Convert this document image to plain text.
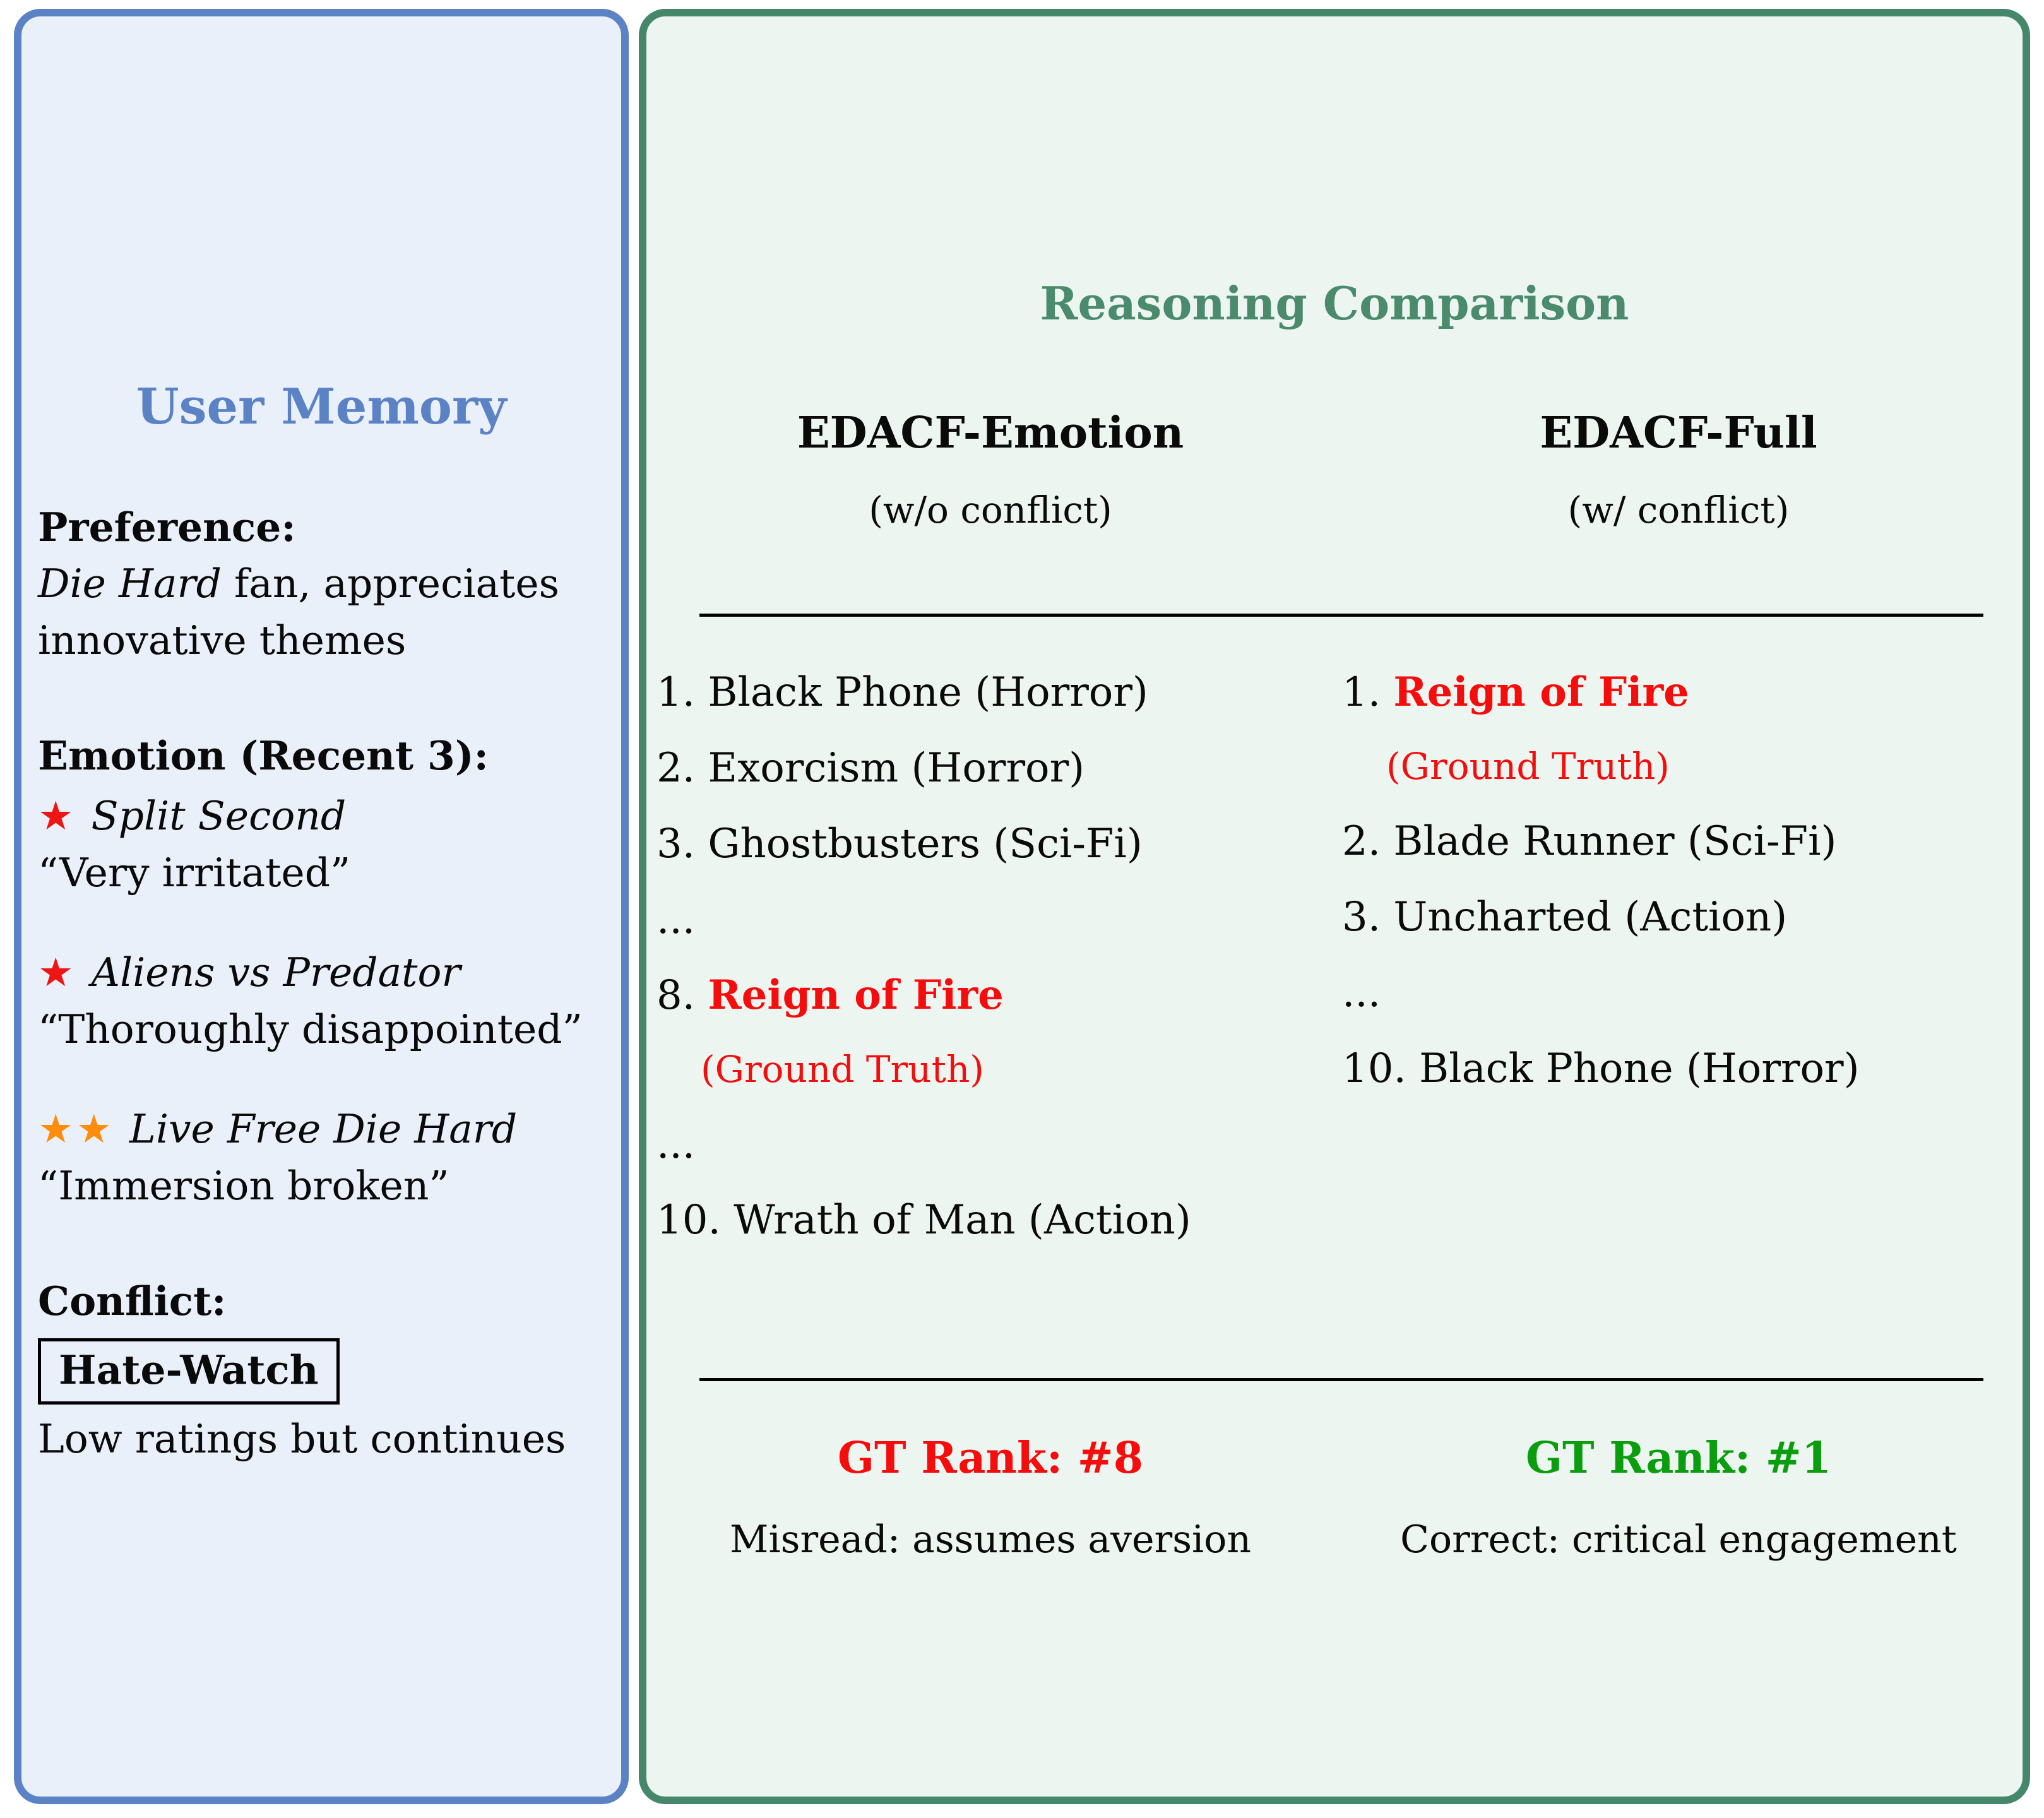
User Memory
Preference:
Die Hard fan, appreciates
innovative themes
Emotion (Recent 3):
★ Split Second
“Very irritated”
★ Aliens vs Predator
“Thoroughly disappointed”
★★ Live Free Die Hard
“Immersion broken”
Conflict:
Hate-Watch
Low ratings but continues
Reasoning Comparison
EDACF-Emotion
(w/o conflict)
EDACF-Full
(w/ conflict)
1. Black Phone (Horror)
2. Exorcism (Horror)
3. Ghostbusters (Sci-Fi)
...
8. Reign of Fire
(Ground Truth)
...
10. Wrath of Man (Action)
1. Reign of Fire
(Ground Truth)
2. Blade Runner (Sci-Fi)
3. Uncharted (Action)
...
10. Black Phone (Horror)
GT Rank: #8
Misread: assumes aversion
GT Rank: #1
Correct: critical engagement
